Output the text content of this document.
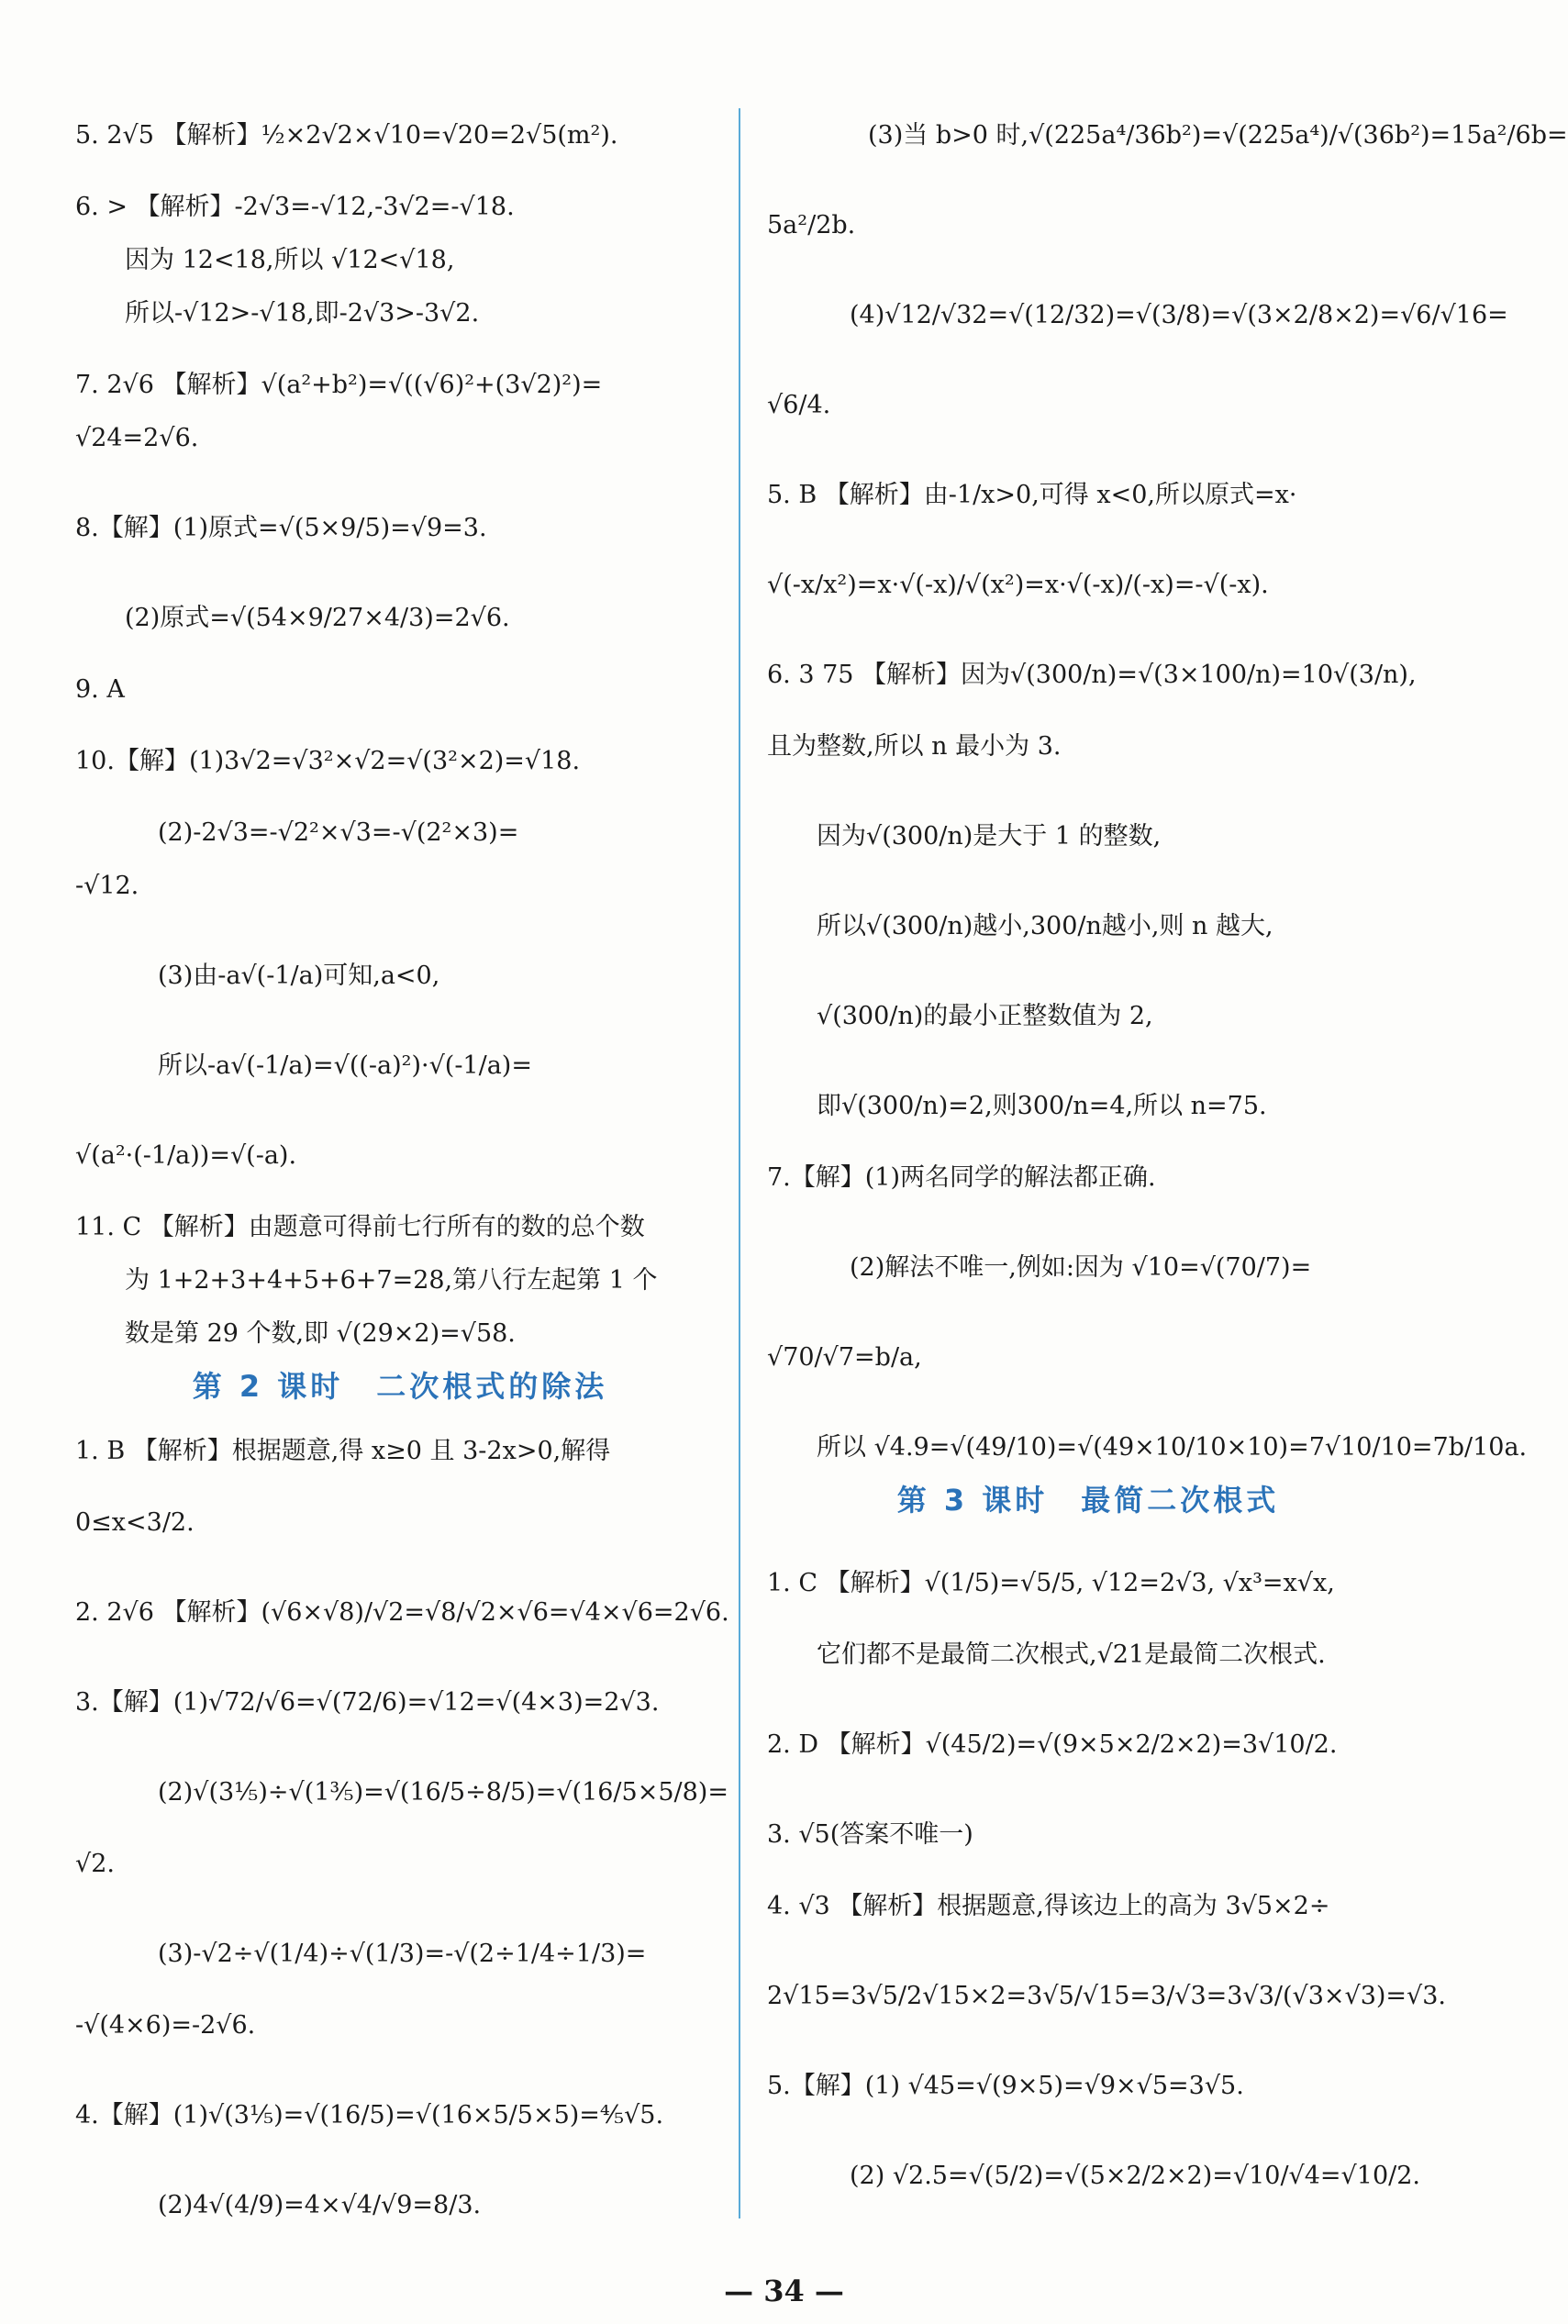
5. 2√5 【解析】½×2√2×√10=√20=2√5(m²).

6. > 【解析】-2√3=-√12,-3√2=-√18.

因为 12<18,所以 √12<√18,

所以-√12>-√18,即-2√3>-3√2.

7. 2√6 【解析】√(a²+b²)=√((√6)²+(3√2)²)=

√24=2√6.

8.【解】(1)原式=√(5×9/5)=√9=3.

(2)原式=√(54×9/27×4/3)=2√6.

9. A

10.【解】(1)3√2=√3²×√2=√(3²×2)=√18.

(2)-2√3=-√2²×√3=-√(2²×3)=

-√12.

(3)由-a√(-1/a)可知,a<0,

所以-a√(-1/a)=√((-a)²)·√(-1/a)=

√(a²·(-1/a))=√(-a).

11. C 【解析】由题意可得前七行所有的数的总个数

为 1+2+3+4+5+6+7=28,第八行左起第 1 个

数是第 29 个数,即 √(29×2)=√58.

第 2 课时　二次根式的除法

1. B 【解析】根据题意,得 x≥0 且 3-2x>0,解得

0≤x<3/2.

2. 2√6 【解析】(√6×√8)/√2=√8/√2×√6=√4×√6=2√6.

3.【解】(1)√72/√6=√(72/6)=√12=√(4×3)=2√3.

(2)√(3⅕)÷√(1⅗)=√(16/5÷8/5)=√(16/5×5/8)=

√2.

(3)-√2÷√(1/4)÷√(1/3)=-√(2÷1/4÷1/3)=

-√(4×6)=-2√6.

4.【解】(1)√(3⅕)=√(16/5)=√(16×5/5×5)=⅘√5.

(2)4√(4/9)=4×√4/√9=8/3.

(3)当 b>0 时,√(225a⁴/36b²)=√(225a⁴)/√(36b²)=15a²/6b=

5a²/2b.

(4)√12/√32=√(12/32)=√(3/8)=√(3×2/8×2)=√6/√16=

√6/4.

5. B 【解析】由-1/x>0,可得 x<0,所以原式=x·

√(-x/x²)=x·√(-x)/√(x²)=x·√(-x)/(-x)=-√(-x).

6. 3 75 【解析】因为√(300/n)=√(3×100/n)=10√(3/n),

且为整数,所以 n 最小为 3.

因为√(300/n)是大于 1 的整数,

所以√(300/n)越小,300/n越小,则 n 越大,

√(300/n)的最小正整数值为 2,

即√(300/n)=2,则300/n=4,所以 n=75.

7.【解】(1)两名同学的解法都正确.

(2)解法不唯一,例如:因为 √10=√(70/7)=

√70/√7=b/a,

所以 √4.9=√(49/10)=√(49×10/10×10)=7√10/10=7b/10a.

第 3 课时　最简二次根式

1. C 【解析】√(1/5)=√5/5, √12=2√3, √x³=x√x,

它们都不是最简二次根式,√21是最简二次根式.

2. D 【解析】√(45/2)=√(9×5×2/2×2)=3√10/2.

3. √5(答案不唯一)

4. √3 【解析】根据题意,得该边上的高为 3√5×2÷

2√15=3√5/2√15×2=3√5/√15=3/√3=3√3/(√3×√3)=√3.

5.【解】(1) √45=√(9×5)=√9×√5=3√5.

(2) √2.5=√(5/2)=√(5×2/2×2)=√10/√4=√10/2.

— 34 —
